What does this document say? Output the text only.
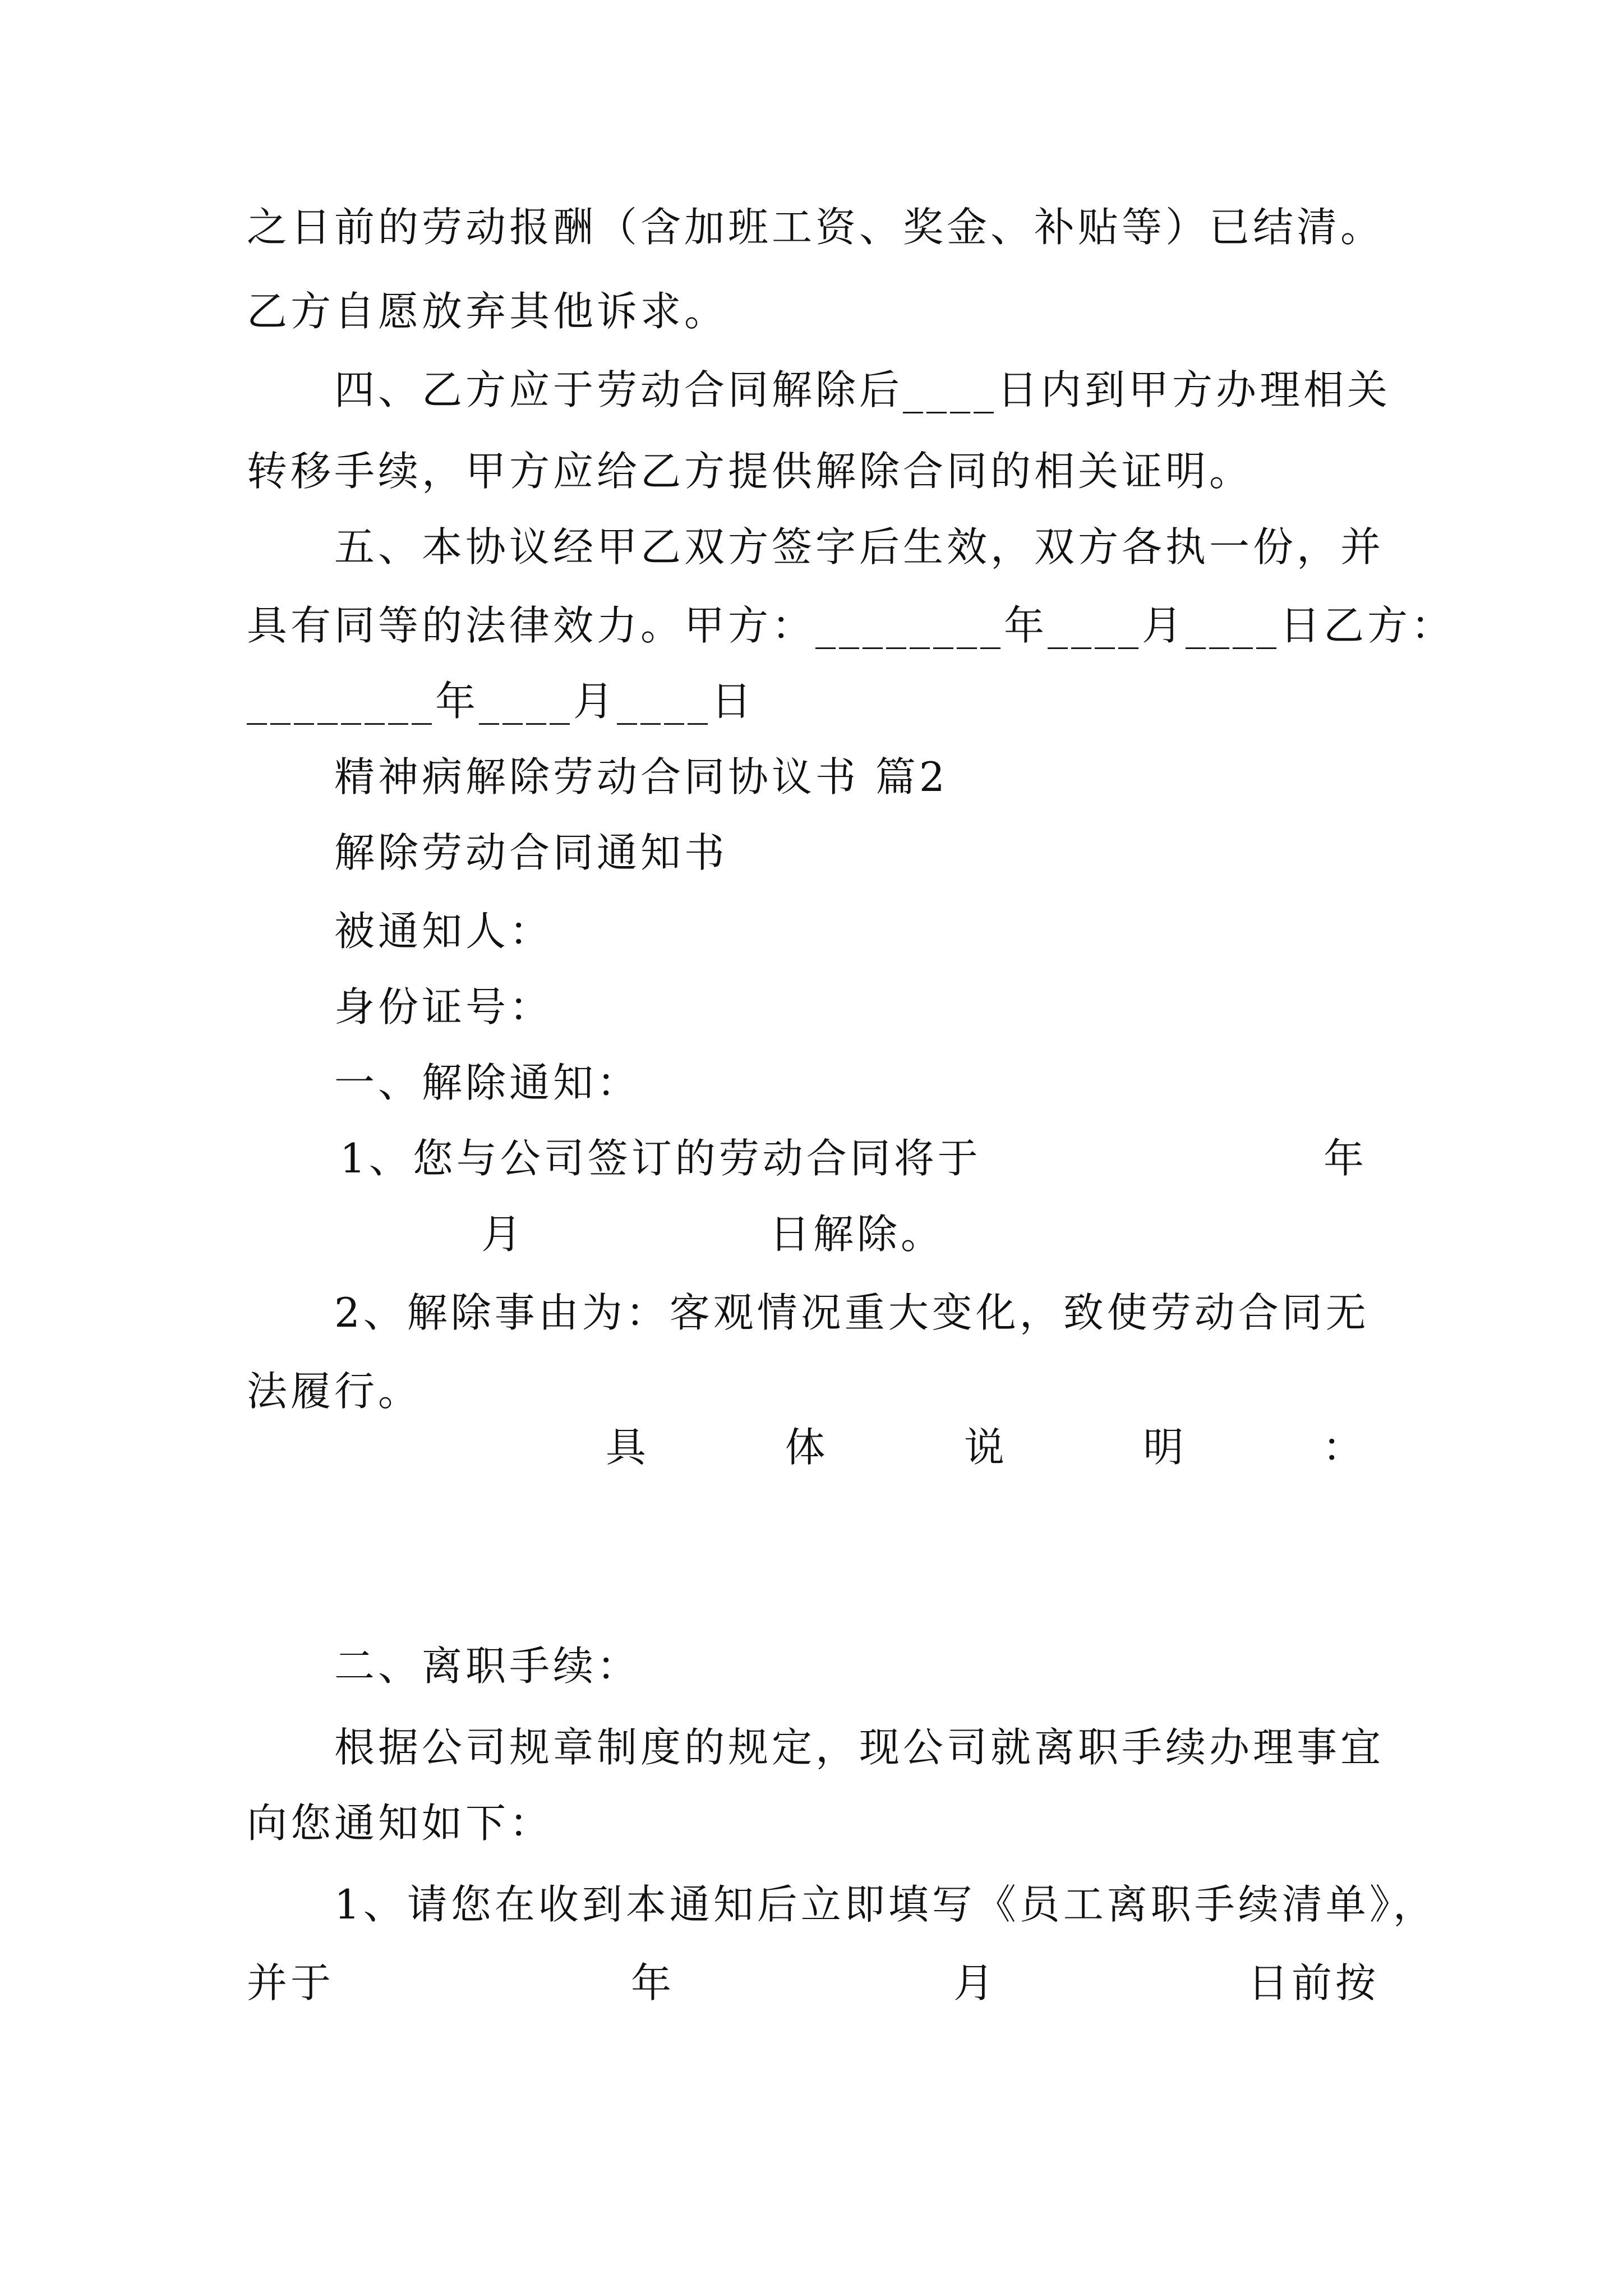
之日前的劳动报酬（含加班工资、奖金、补贴等）已结清。
乙方自愿放弃其他诉求。
四、乙方应于劳动合同解除后____日内到甲方办理相关
转移手续，甲方应给乙方提供解除合同的相关证明。
五、本协议经甲乙双方签字后生效，双方各执一份，并
具有同等的法律效力。甲方：________年____月____日乙方：
________年____月____日
精神病解除劳动合同协议书 篇2
解除劳动合同通知书
被通知人：
身份证号：
一、解除通知：
1、您与公司签订的劳动合同将于	年
月	日解除。
2、解除事由为：客观情况重大变化，致使劳动合同无
法履行。
具	体	说	明	：
二、离职手续：
根据公司规章制度的规定，现公司就离职手续办理事宜
向您通知如下：
1、请您在收到本通知后立即填写《员工离职手续清单》，
并于	年	月	日前按
